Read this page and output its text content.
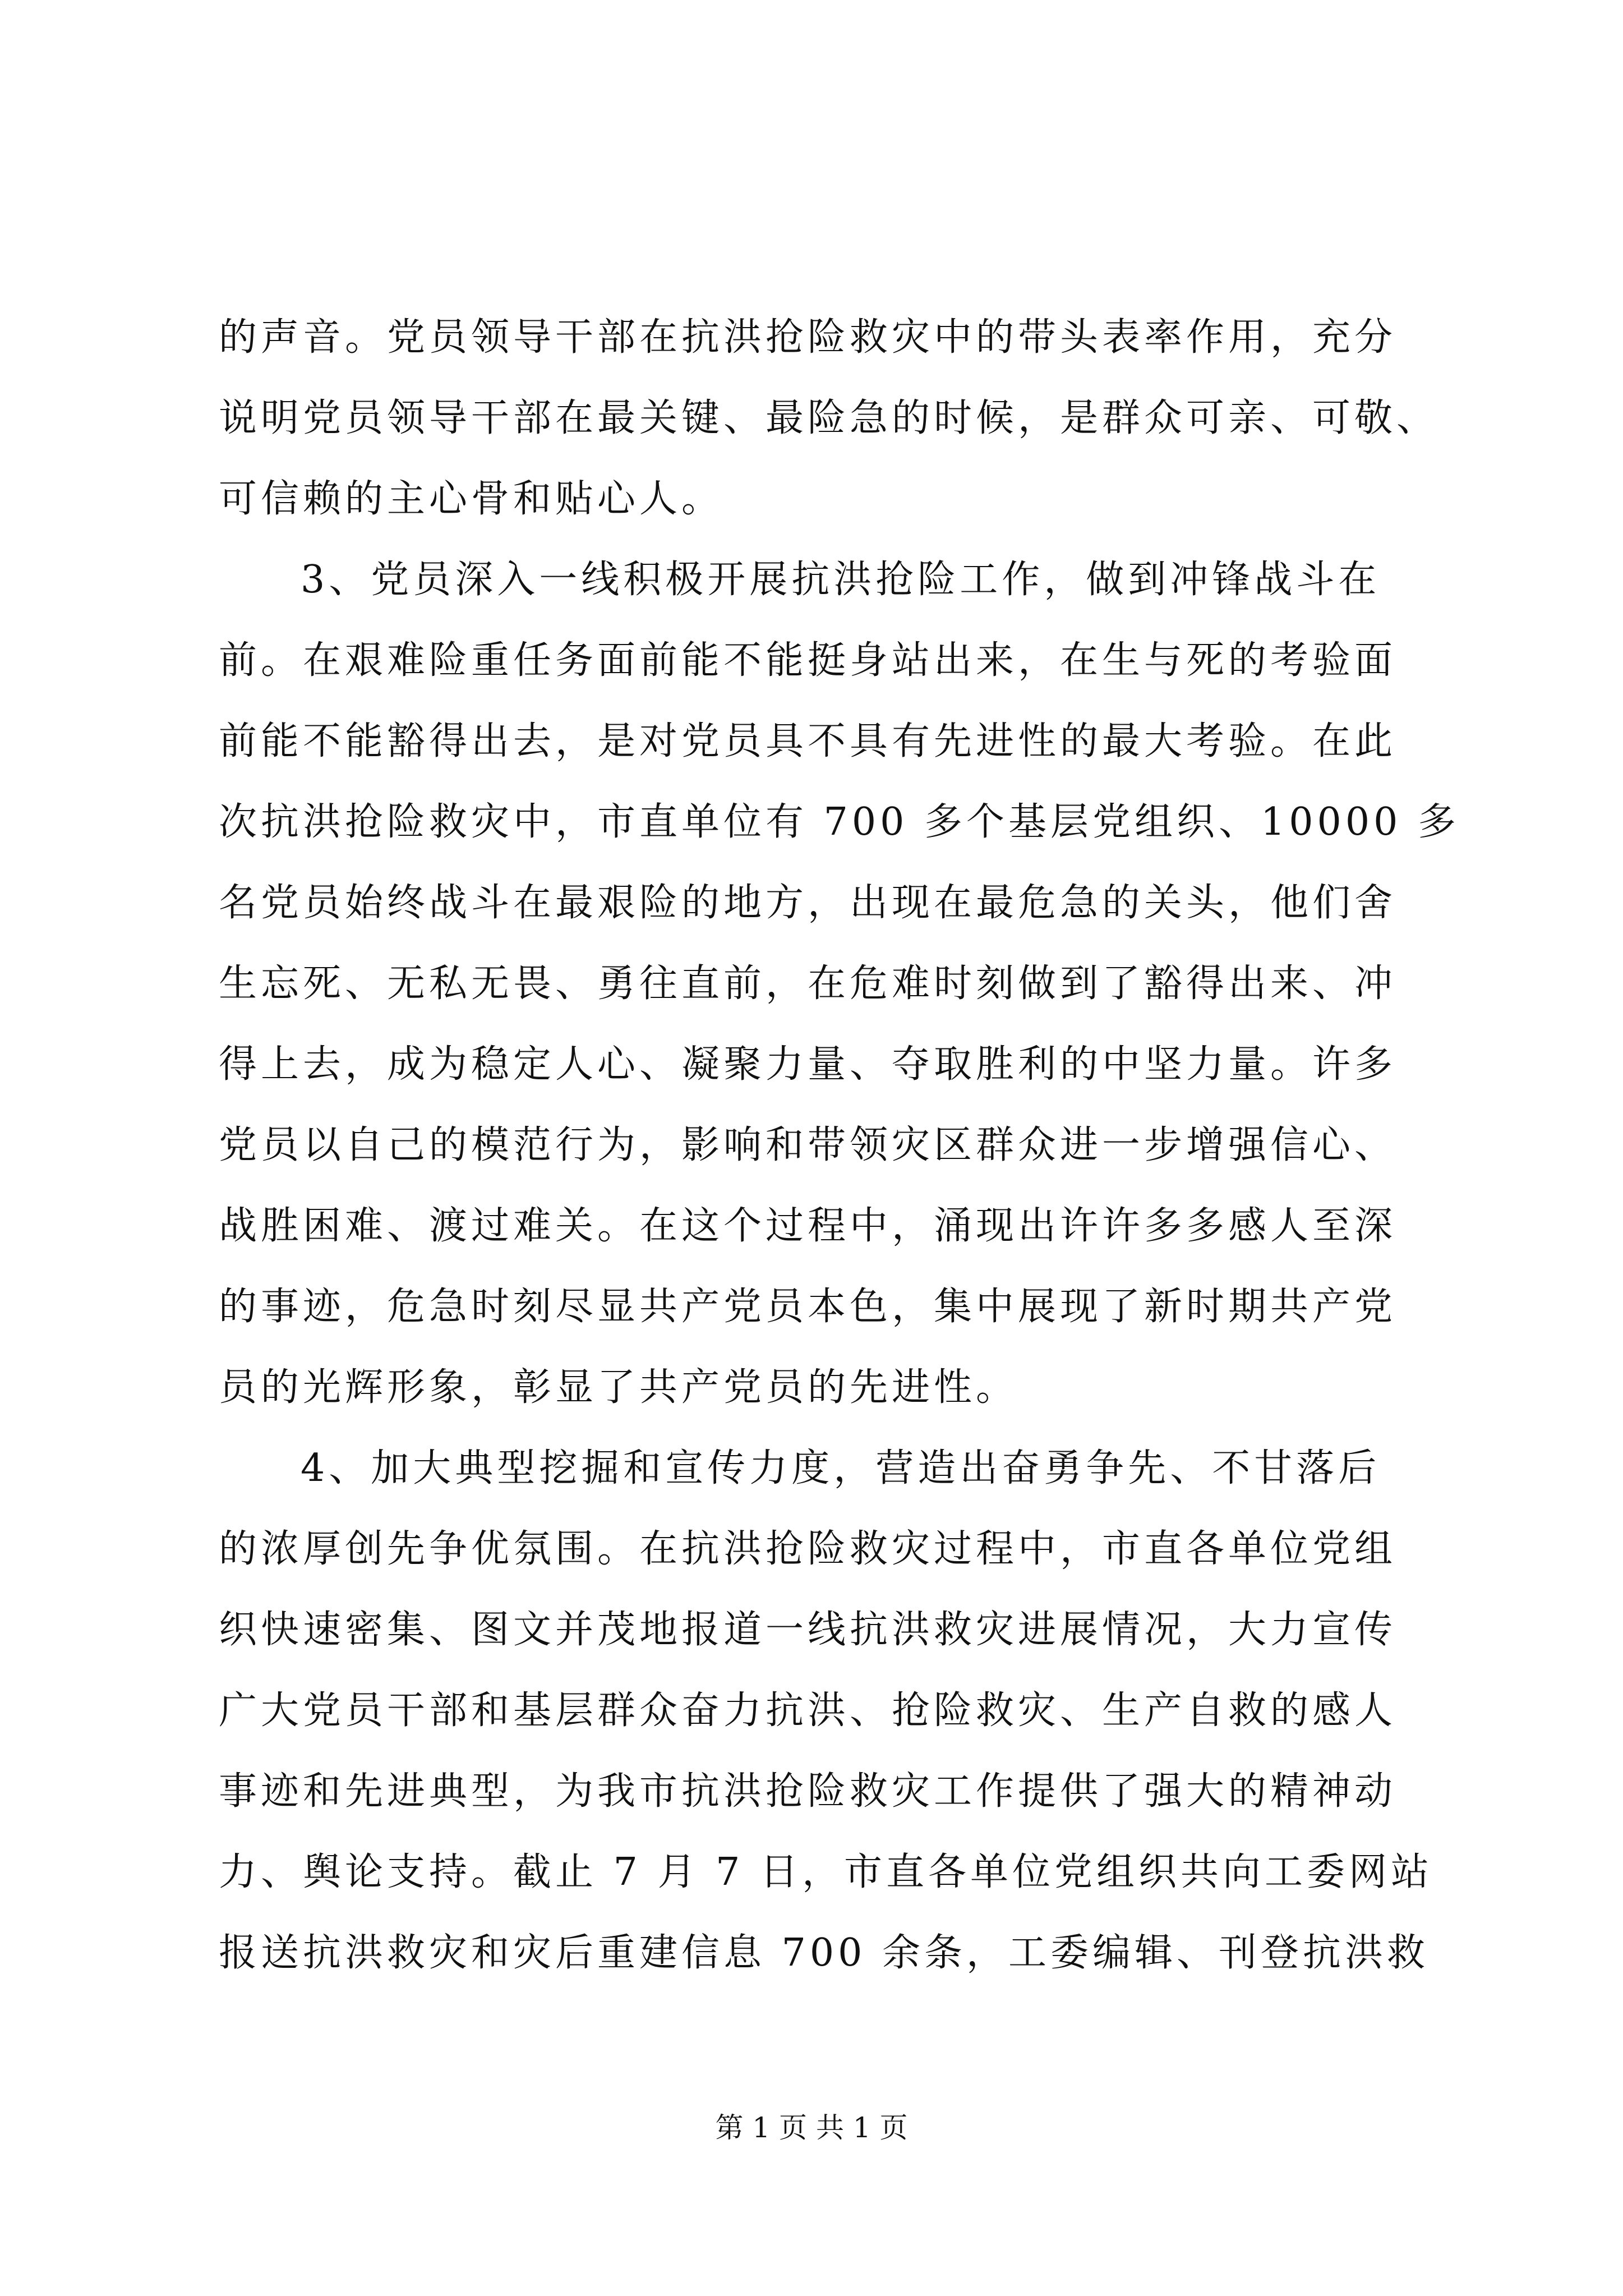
的声音。党员领导干部在抗洪抢险救灾中的带头表率作用，充分
说明党员领导干部在最关键、最险急的时候，是群众可亲、可敬、
可信赖的主心骨和贴心人。
3、党员深入一线积极开展抗洪抢险工作，做到冲锋战斗在
前。在艰难险重任务面前能不能挺身站出来，在生与死的考验面
前能不能豁得出去，是对党员具不具有先进性的最大考验。在此
次抗洪抢险救灾中，市直单位有 700 多个基层党组织、10000 多
名党员始终战斗在最艰险的地方，出现在最危急的关头，他们舍
生忘死、无私无畏、勇往直前，在危难时刻做到了豁得出来、冲
得上去，成为稳定人心、凝聚力量、夺取胜利的中坚力量。许多
党员以自己的模范行为，影响和带领灾区群众进一步增强信心、
战胜困难、渡过难关。在这个过程中，涌现出许许多多感人至深
的事迹，危急时刻尽显共产党员本色，集中展现了新时期共产党
员的光辉形象，彰显了共产党员的先进性。
4、加大典型挖掘和宣传力度，营造出奋勇争先、不甘落后
的浓厚创先争优氛围。在抗洪抢险救灾过程中，市直各单位党组
织快速密集、图文并茂地报道一线抗洪救灾进展情况，大力宣传
广大党员干部和基层群众奋力抗洪、抢险救灾、生产自救的感人
事迹和先进典型，为我市抗洪抢险救灾工作提供了强大的精神动
力、舆论支持。截止 7 月 7 日，市直各单位党组织共向工委网站
报送抗洪救灾和灾后重建信息 700 余条，工委编辑、刊登抗洪救
第 1 页 共 1 页
